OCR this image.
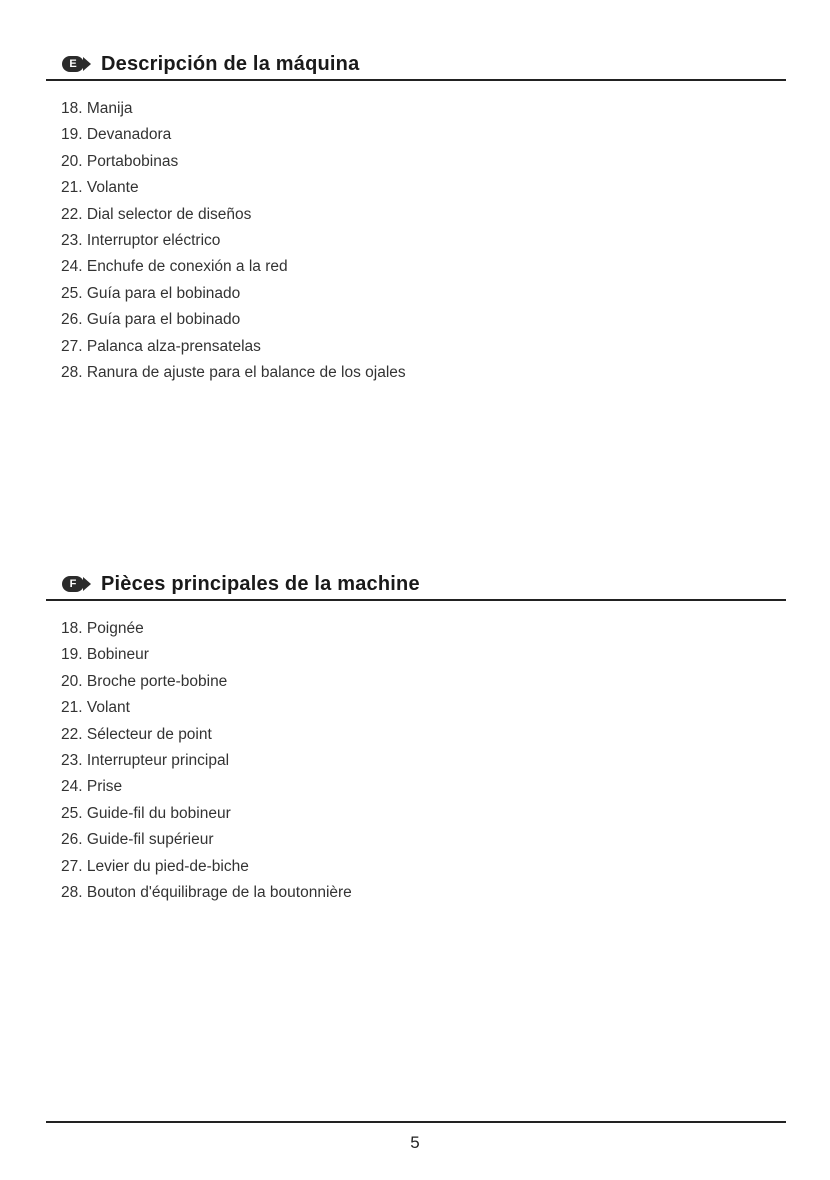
E	Descripción de la máquina
18. Manija
19. Devanadora
20. Portabobinas
21. Volante
22. Dial selector de diseños
23. Interruptor eléctrico
24. Enchufe de conexión a la red
25. Guía para el bobinado
26. Guía para el bobinado
27. Palanca alza-prensatelas
28. Ranura de ajuste para el balance de los ojales
F	Pièces principales de la machine
18. Poignée
19. Bobineur
20. Broche porte-bobine
21. Volant
22. Sélecteur de point
23. Interrupteur principal
24. Prise
25. Guide-fil du bobineur
26. Guide-fil supérieur
27. Levier du pied-de-biche
28. Bouton d'équilibrage de la boutonnière
5
